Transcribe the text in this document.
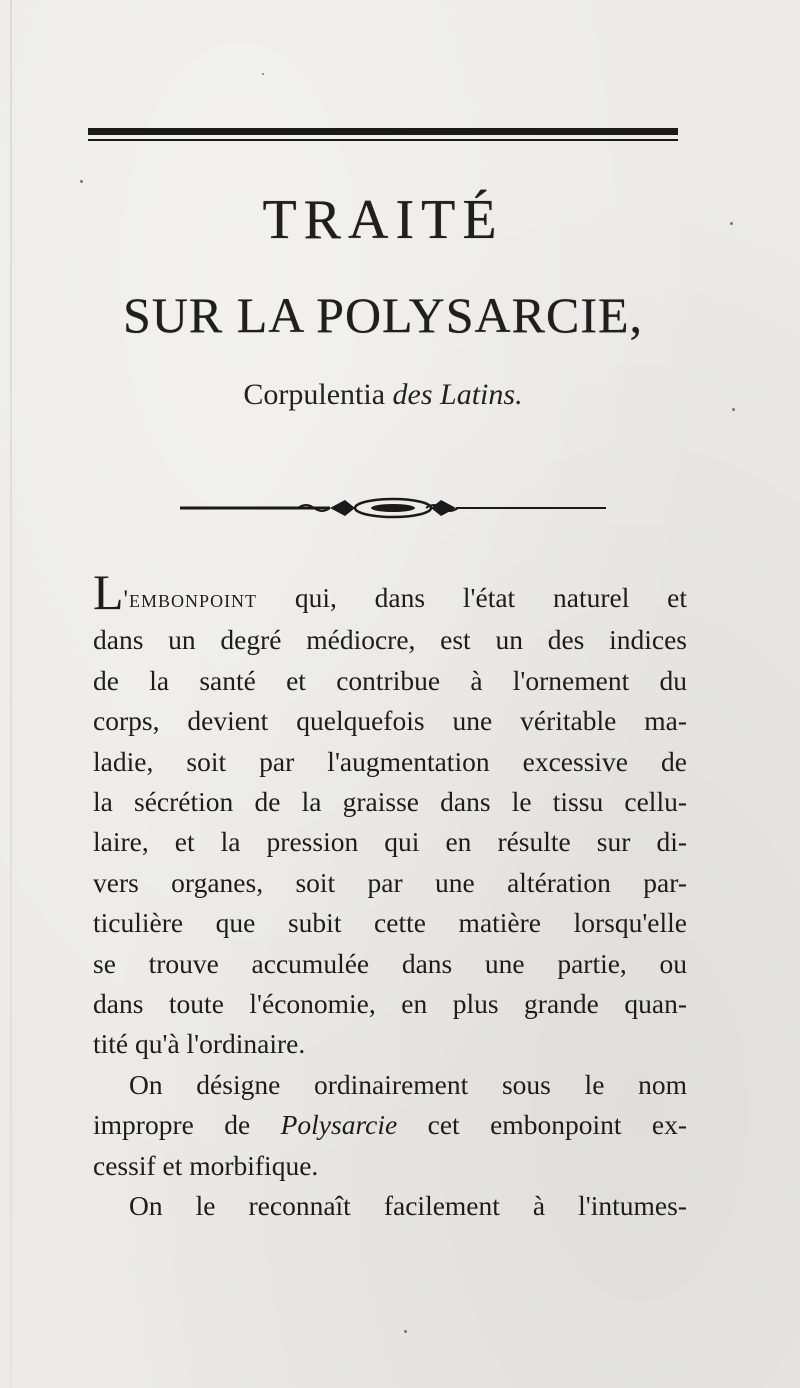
TRAITÉ
SUR LA POLYSARCIE,
Corpulentia des Latins.

L'embonpoint qui, dans l'état naturel et
dans un degré médiocre, est un des indices
de la santé et contribue à l'ornement du
corps, devient quelquefois une véritable ma-
ladie, soit par l'augmentation excessive de
la sécrétion de la graisse dans le tissu cellu-
laire, et la pression qui en résulte sur di-
vers organes, soit par une altération par-
ticulière que subit cette matière lorsqu'elle
se trouve accumulée dans une partie, ou
dans toute l'économie, en plus grande quan-
tité qu'à l'ordinaire.

On désigne ordinairement sous le nom
impropre de Polysarcie cet embonpoint ex-
cessif et morbifique.

On le reconnaît facilement à l'intumes-
